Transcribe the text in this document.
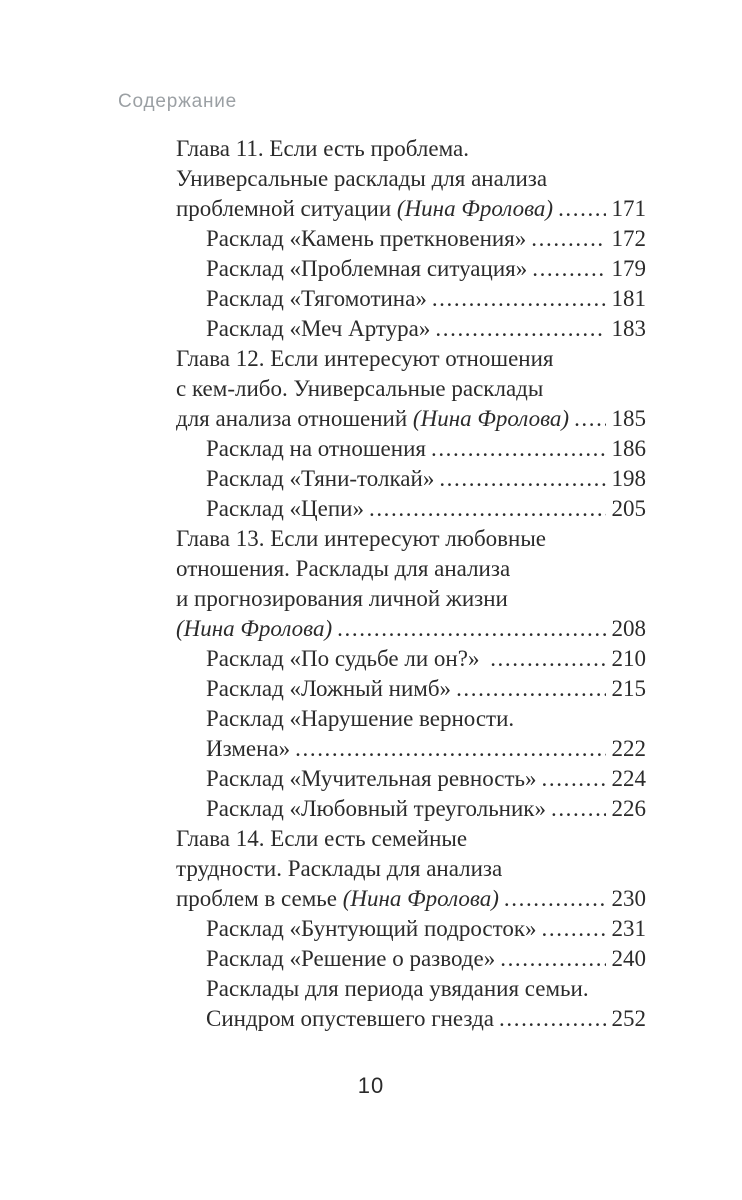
Содержание
Глава 11. Если есть проблема.
Универсальные расклады для анализа
проблемной ситуации (Нина Фролова) .....	171
Расклад «Камень преткновения» .....	172
Расклад «Проблемная ситуация» .....	179
Расклад «Тягомотина» .....	181
Расклад «Меч Артура» .....	183
Глава 12. Если интересуют отношения
с кем-либо. Универсальные расклады
для анализа отношений (Нина Фролова) ..... 185
Расклад на отношения .....	186
Расклад «Тяни-толкай» .....	198
Расклад «Цепи» .....	205
Глава 13. Если интересуют любовные
отношения. Расклады для анализа
и прогнозирования личной жизни
(Нина Фролова) .....	208
Расклад «По судьбе ли он?» .....	210
Расклад «Ложный нимб» .....	215
Расклад «Нарушение верности.
Измена» .....	222
Расклад «Мучительная ревность» .....	224
Расклад «Любовный треугольник» .....	226
Глава 14. Если есть семейные
трудности. Расклады для анализа
проблем в семье (Нина Фролова) .....	230
Расклад «Бунтующий подросток» .....	231
Расклад «Решение о разводе» .....	240
Расклады для периода увядания семьи.
Синдром опустевшего гнезда .....	252
10
